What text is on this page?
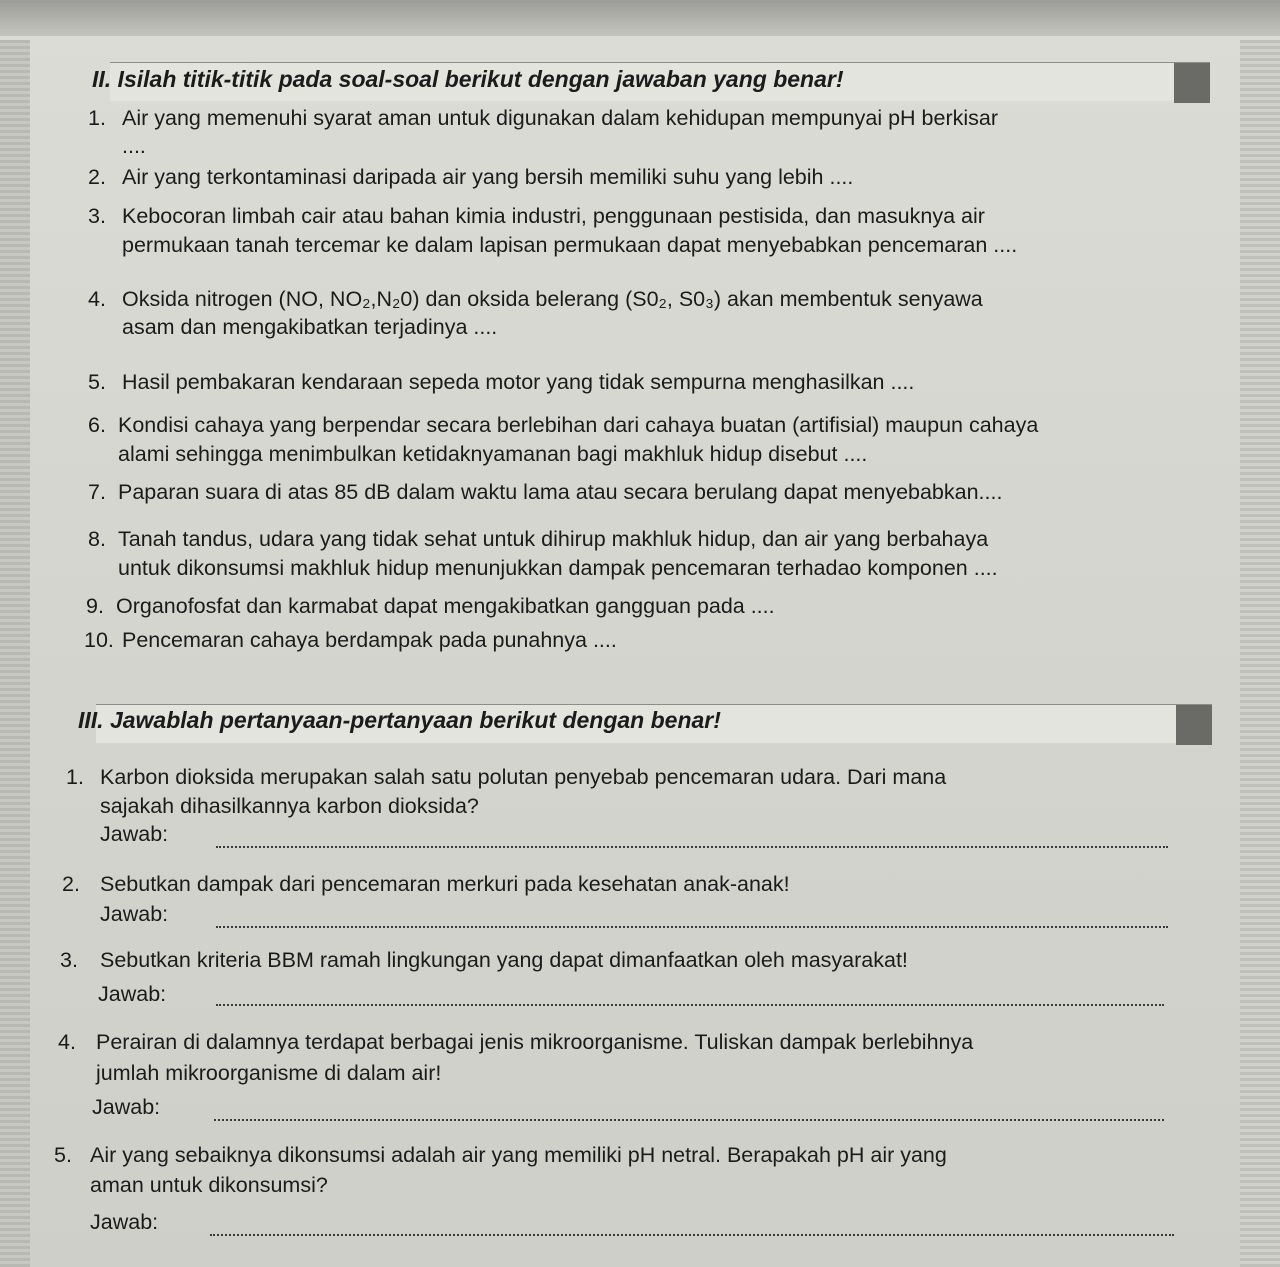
II. Isilah titik-titik pada soal-soal berikut dengan jawaban yang benar!
1. Air yang memenuhi syarat aman untuk digunakan dalam kehidupan mempunyai pH berkisar
....
2. Air yang terkontaminasi daripada air yang bersih memiliki suhu yang lebih ....
3. Kebocoran limbah cair atau bahan kimia industri, penggunaan pestisida, dan masuknya air
permukaan tanah tercemar ke dalam lapisan permukaan dapat menyebabkan pencemaran ....
4. Oksida nitrogen (NO, NO₂,N₂0) dan oksida belerang (S0₂, S0₃) akan membentuk senyawa
asam dan mengakibatkan terjadinya ....
5. Hasil pembakaran kendaraan sepeda motor yang tidak sempurna menghasilkan ....
6. Kondisi cahaya yang berpendar secara berlebihan dari cahaya buatan (artifisial) maupun cahaya
alami sehingga menimbulkan ketidaknyamanan bagi makhluk hidup disebut ....
7. Paparan suara di atas 85 dB dalam waktu lama atau secara berulang dapat menyebabkan....
8. Tanah tandus, udara yang tidak sehat untuk dihirup makhluk hidup, dan air yang berbahaya
untuk dikonsumsi makhluk hidup menunjukkan dampak pencemaran terhadao komponen ....
9. Organofosfat dan karmabat dapat mengakibatkan gangguan pada ....
10. Pencemaran cahaya berdampak pada punahnya ....
III. Jawablah pertanyaan-pertanyaan berikut dengan benar!
1. Karbon dioksida merupakan salah satu polutan penyebab pencemaran udara. Dari mana
sajakah dihasilkannya karbon dioksida?
Jawab:
2. Sebutkan dampak dari pencemaran merkuri pada kesehatan anak-anak!
Jawab:
3. Sebutkan kriteria BBM ramah lingkungan yang dapat dimanfaatkan oleh masyarakat!
Jawab:
4. Perairan di dalamnya terdapat berbagai jenis mikroorganisme. Tuliskan dampak berlebihnya
jumlah mikroorganisme di dalam air!
Jawab:
5. Air yang sebaiknya dikonsumsi adalah air yang memiliki pH netral. Berapakah pH air yang
aman untuk dikonsumsi?
Jawab:
